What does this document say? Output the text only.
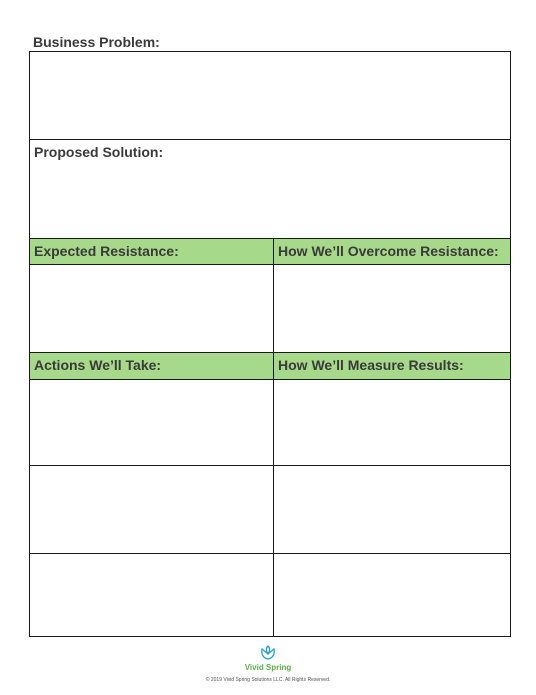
Business Problem:
Proposed Solution:
Expected Resistance:	How We’ll Overcome Resistance:
Actions We’ll Take:	How We’ll Measure Results:
Vivid Spring
© 2019 Vivid Spring Solutions LLC. All Rights Reserved.
